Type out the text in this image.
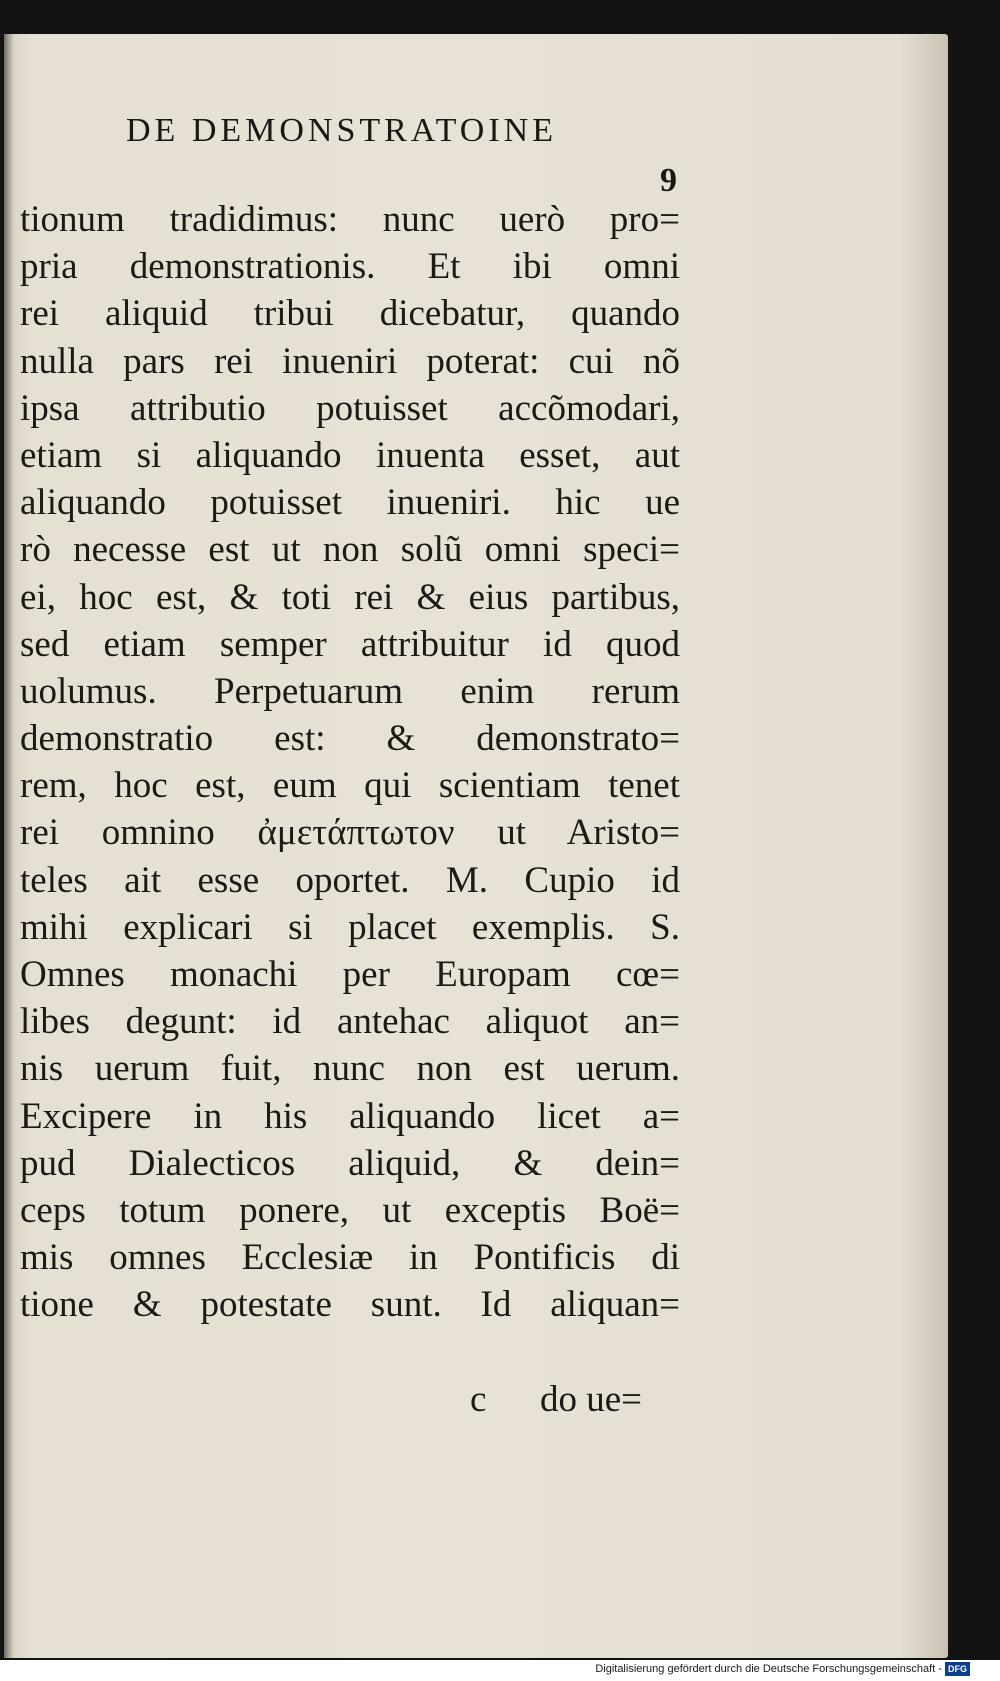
DE DEMONSTRATOINE
9
tionum tradidimus: nunc uerò pro=
pria demonstrationis. Et ibi omni
rei aliquid tribui dicebatur, quando
nulla pars rei inueniri poterat: cui nõ
ipsa attributio potuisset accõmodari,
etiam si aliquando inuenta esset, aut
aliquando potuisset inueniri. hic ue
rò necesse est ut non solũ omni speci=
ei, hoc est, & toti rei & eius partibus,
sed etiam semper attribuitur id quod
uolumus. Perpetuarum enim rerum
demonstratio est: & demonstrato=
rem, hoc est, eum qui scientiam tenet
rei omnino ἀμετάπτωτον ut Aristo=
teles ait esse oportet. M. Cupio id
mihi explicari si placet exemplis. S.
Omnes monachi per Europam cœ=
libes degunt: id antehac aliquot an=
nis uerum fuit, nunc non est uerum.
Excipere in his aliquando licet a=
pud Dialecticos aliquid, & dein=
ceps totum ponere, ut exceptis Boë=
mis omnes Ecclesiæ in Pontificis di
tione & potestate sunt. Id aliquan=
c do ue=
Digitalisierung gefördert durch die Deutsche Forschungsgemeinschaft - DFG
